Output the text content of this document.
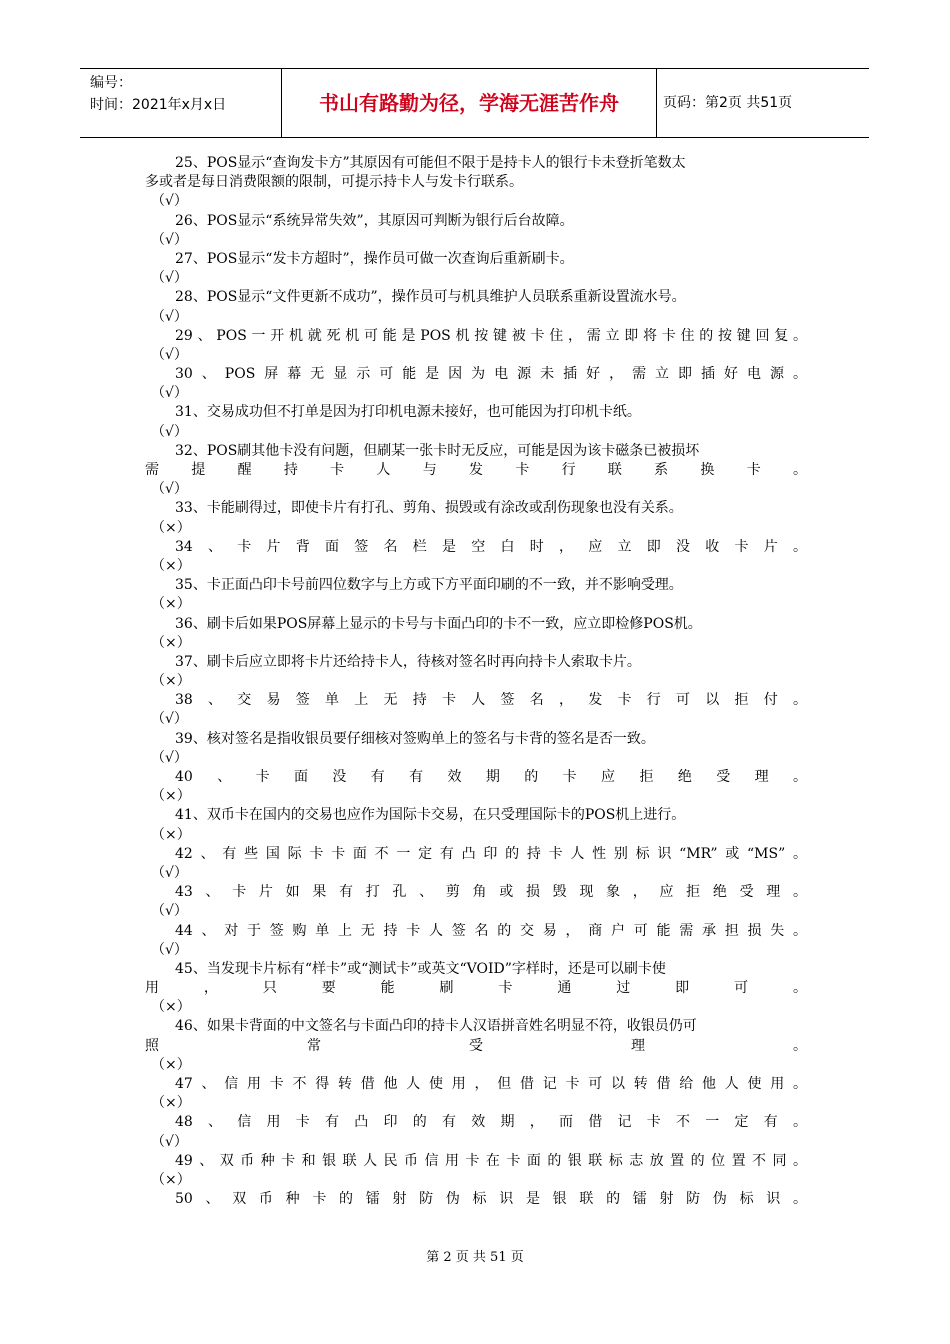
编号：
时间：2021年x月x日	书山有路勤为径，学海无涯苦作舟	页码：第2页 共51页
25、POS显示“查询发卡方”其原因有可能但不限于是持卡人的银行卡未登折笔数太
多或者是每日消费限额的限制，可提示持卡人与发卡行联系。
（√）
26、POS显示“系统异常失效”，其原因可判断为银行后台故障。
（√）
27、POS显示“发卡方超时”，操作员可做一次查询后重新刷卡。
（√）
28、POS显示“文件更新不成功”，操作员可与机具维护人员联系重新设置流水号。
（√）
29、POS一开机就死机可能是POS机按键被卡住，需立即将卡住的按键回复。
（√）
30、POS屏幕无显示可能是因为电源未插好，需立即插好电源。
（√）
31、交易成功但不打单是因为打印机电源未接好，也可能因为打印机卡纸。
（√）
32、POS刷其他卡没有问题，但刷某一张卡时无反应，可能是因为该卡磁条已被损坏
需提醒持卡人与发卡行联系换卡。
（√）
33、卡能刷得过，即使卡片有打孔、剪角、损毁或有涂改或刮伤现象也没有关系。
（×）
34、卡片背面签名栏是空白时，应立即没收卡片。
（×）
35、卡正面凸印卡号前四位数字与上方或下方平面印刷的不一致，并不影响受理。
（×）
36、刷卡后如果POS屏幕上显示的卡号与卡面凸印的卡不一致，应立即检修POS机。
（×）
37、刷卡后应立即将卡片还给持卡人，待核对签名时再向持卡人索取卡片。
（×）
38、交易签单上无持卡人签名，发卡行可以拒付。
（√）
39、核对签名是指收银员要仔细核对签购单上的签名与卡背的签名是否一致。
（√）
40、卡面没有有效期的卡应拒绝受理。
（×）
41、双币卡在国内的交易也应作为国际卡交易，在只受理国际卡的POS机上进行。
（×）
42、有些国际卡卡面不一定有凸印的持卡人性别标识“MR”或“MS”。
（√）
43、卡片如果有打孔、剪角或损毁现象，应拒绝受理。
（√）
44、对于签购单上无持卡人签名的交易，商户可能需承担损失。
（√）
45、当发现卡片标有“样卡”或“测试卡”或英文“VOID”字样时，还是可以刷卡使
用，只要能刷卡通过即可。
（×）
46、如果卡背面的中文签名与卡面凸印的持卡人汉语拼音姓名明显不符，收银员仍可
照常受理。
（×）
47、信用卡不得转借他人使用，但借记卡可以转借给他人使用。
（×）
48、信用卡有凸印的有效期，而借记卡不一定有。
（√）
49、双币种卡和银联人民币信用卡在卡面的银联标志放置的位置不同。
（×）
50、双币种卡的镭射防伪标识是银联的镭射防伪标识。
第 2 页 共 51 页
